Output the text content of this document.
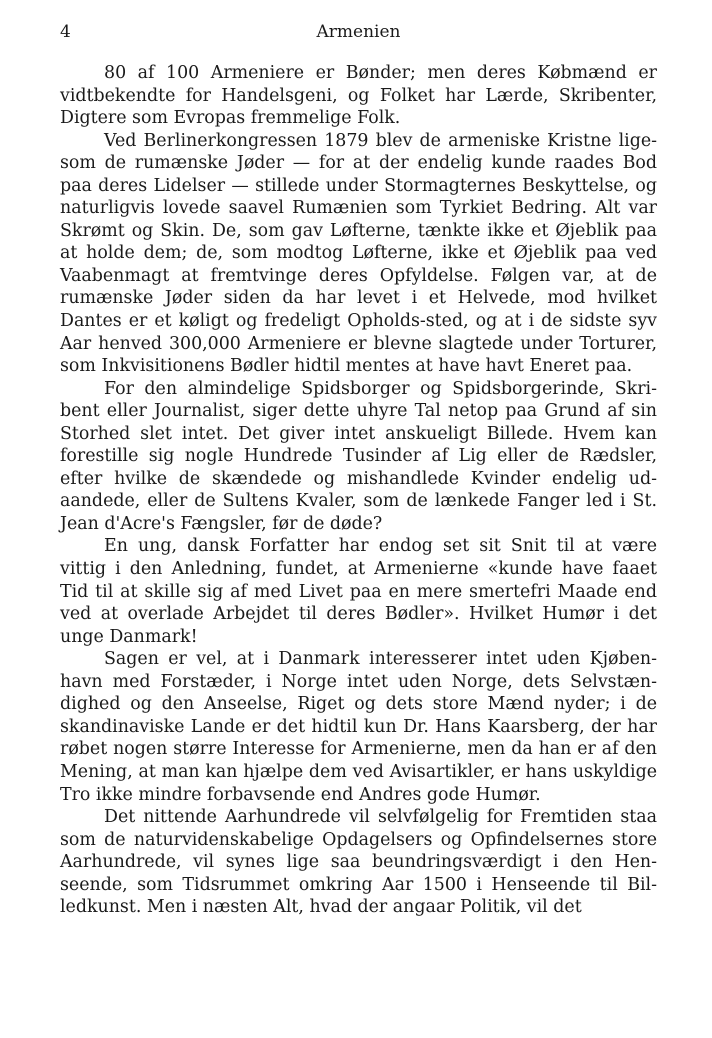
4	Armenien

80 af 100 Armeniere er Bønder; men deres Købmænd er vidtbekendte for Handelsgeni, og Folket har Lærde, Skribenter, Digtere som Evropas fremmelige Folk.

Ved Berlinerkongressen 1879 blev de armeniske Kristne lige-som de rumænske Jøder — for at der endelig kunde raades Bod paa deres Lidelser — stillede under Stormagternes Beskyttelse, og naturligvis lovede saavel Rumænien som Tyrkiet Bedring. Alt var Skrømt og Skin. De, som gav Løfterne, tænkte ikke et Øjeblik paa at holde dem; de, som modtog Løfterne, ikke et Øjeblik paa ved Vaabenmagt at fremtvinge deres Opfyldelse. Følgen var, at de rumænske Jøder siden da har levet i et Helvede, mod hvilket Dantes er et køligt og fredeligt Opholds-sted, og at i de sidste syv Aar henved 300,000 Armeniere er blevne slagtede under Torturer, som Inkvisitionens Bødler hidtil mentes at have havt Eneret paa.

For den almindelige Spidsborger og Spidsborgerinde, Skri-bent eller Journalist, siger dette uhyre Tal netop paa Grund af sin Storhed slet intet. Det giver intet anskueligt Billede. Hvem kan forestille sig nogle Hundrede Tusinder af Lig eller de Rædsler, efter hvilke de skændede og mishandlede Kvinder endelig ud-aandede, eller de Sultens Kvaler, som de lænkede Fanger led i St. Jean d'Acre's Fængsler, før de døde?

En ung, dansk Forfatter har endog set sit Snit til at være vittig i den Anledning, fundet, at Armenierne «kunde have faaet Tid til at skille sig af med Livet paa en mere smertefri Maade end ved at overlade Arbejdet til deres Bødler». Hvilket Humør i det unge Danmark!

Sagen er vel, at i Danmark interesserer intet uden Kjøben-havn med Forstæder, i Norge intet uden Norge, dets Selvstæn-dighed og den Anseelse, Riget og dets store Mænd nyder; i de skandinaviske Lande er det hidtil kun Dr. Hans Kaarsberg, der har røbet nogen større Interesse for Armenierne, men da han er af den Mening, at man kan hjælpe dem ved Avisartikler, er hans uskyldige Tro ikke mindre forbavsende end Andres gode Humør.

Det nittende Aarhundrede vil selvfølgelig for Fremtiden staa som de naturvidenskabelige Opdagelsers og Opfindelsernes store Aarhundrede, vil synes lige saa beundringsværdigt i den Hen-seende, som Tidsrummet omkring Aar 1500 i Henseende til Bil-ledkunst. Men i næsten Alt, hvad der angaar Politik, vil det
